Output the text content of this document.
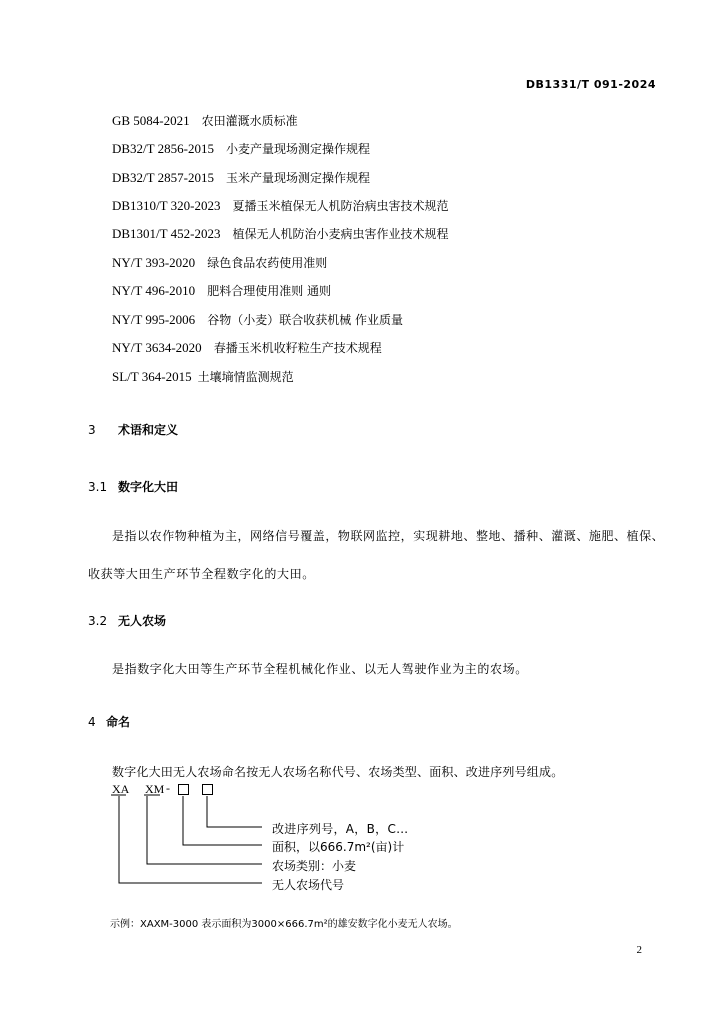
DB1331/T 091-2024
GB 5084-2021 农田灌溉水质标准
DB32/T 2856-2015 小麦产量现场测定操作规程
DB32/T 2857-2015 玉米产量现场测定操作规程
DB1310/T 320-2023 夏播玉米植保无人机防治病虫害技术规范
DB1301/T 452-2023 植保无人机防治小麦病虫害作业技术规程
NY/T 393-2020 绿色食品农药使用准则
NY/T 496-2010 肥料合理使用准则 通则
NY/T 995-2006 谷物（小麦）联合收获机械 作业质量
NY/T 3634-2020 春播玉米机收籽粒生产技术规程
SL/T 364-2015 土壤墒情监测规范
3 术语和定义
3.1 数字化大田
是指以农作物种植为主，网络信号覆盖，物联网监控，实现耕地、整地、播种、灌溉、施肥、植保、
收获等大田生产环节全程数字化的大田。
3.2 无人农场
是指数字化大田等生产环节全程机械化作业、以无人驾驶作业为主的农场。
4 命名
数字化大田无人农场命名按无人农场名称代号、农场类型、面积、改进序列号组成。
XA XM -
改进序列号，A，B，C…
面积，以666.7m²(亩)计
农场类别：小麦
无人农场代号
示例：XAXM-3000 表示面积为3000×666.7m²的雄安数字化小麦无人农场。
2
